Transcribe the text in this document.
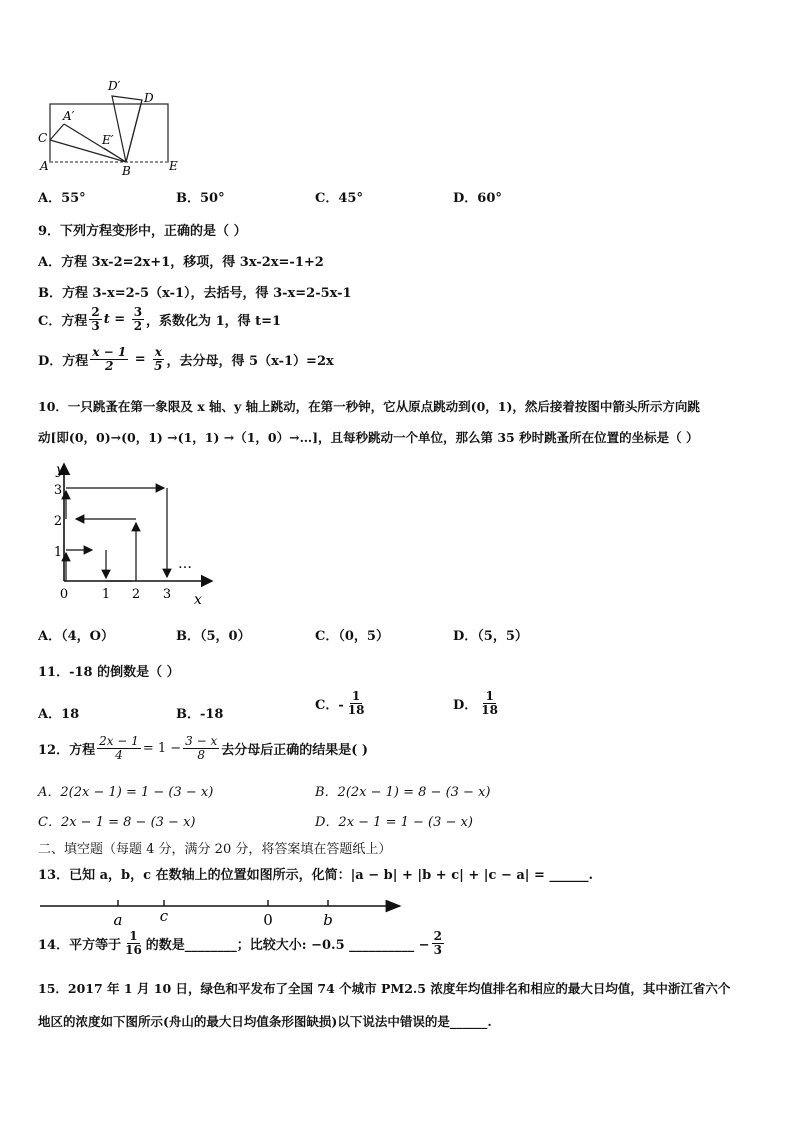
D′
D
A′
C	E′
A	B	E
A．55°	B．50°	C．45°	D．60°
9．下列方程变形中，正确的是（ ）
A．方程 3x-2=2x+1，移项，得 3x-2x=-1+2
B．方程 3-x=2-5（x-1），去括号，得 3-x=2-5x-1
C．方程 $\frac{2}{3}$ $t = \frac{3}{2}$ ，系数化为 1，得 t=1
D．方程 $\frac{x - 1}{2} = \frac{x}{5}$ ，去分母，得 5（x-1）=2x
10．一只跳蚤在第一象限及 x 轴、y 轴上跳动，在第一秒钟，它从原点跳动到(0，1)，然后接着按图中箭头所示方向跳
动[即(0，0)→(0，1) →(1，1) →（1，0）→…]，且每秒跳动一个单位，那么第 35 秒时跳蚤所在位置的坐标是（ ）
1
2
3
0	1 2 3
y
x
…
A．（4，O）	B．（5，0）	C．（0，5）	D．（5，5）
11．-18 的倒数是（ ）
A．18	B．-18
C．- $\frac{1}{18}$	D． $\frac{1}{18}$
12．方程 $\frac{2x - 1}{4} = 1 - \frac{3 - x}{8}$ 去分母后正确的结果是( )
A．2(2x − 1) = 1 − (3 − x)	B．2(2x − 1) = 8 − (3 − x)
C．2x − 1 = 8 − (3 − x)	D．2x − 1 = 1 − (3 − x)
二、填空题（每题 4 分，满分 20 分，将答案填在答题纸上）
13．已知 a，b，c 在数轴上的位置如图所示，化简：|a − b| + |b + c| + |c − a| = ______.
a c	0	b
14．平方等于 $\frac{1}{16}$ 的数是________；比较大小: −0.5 __________ − $\frac{2}{3}$
15．2017 年 1 月 10 日，绿色和平发布了全国 74 个城市 PM2.5 浓度年均值排名和相应的最大日均值，其中浙江省六个
地区的浓度如下图所示(舟山的最大日均值条形图缺损)以下说法中错误的是______.
